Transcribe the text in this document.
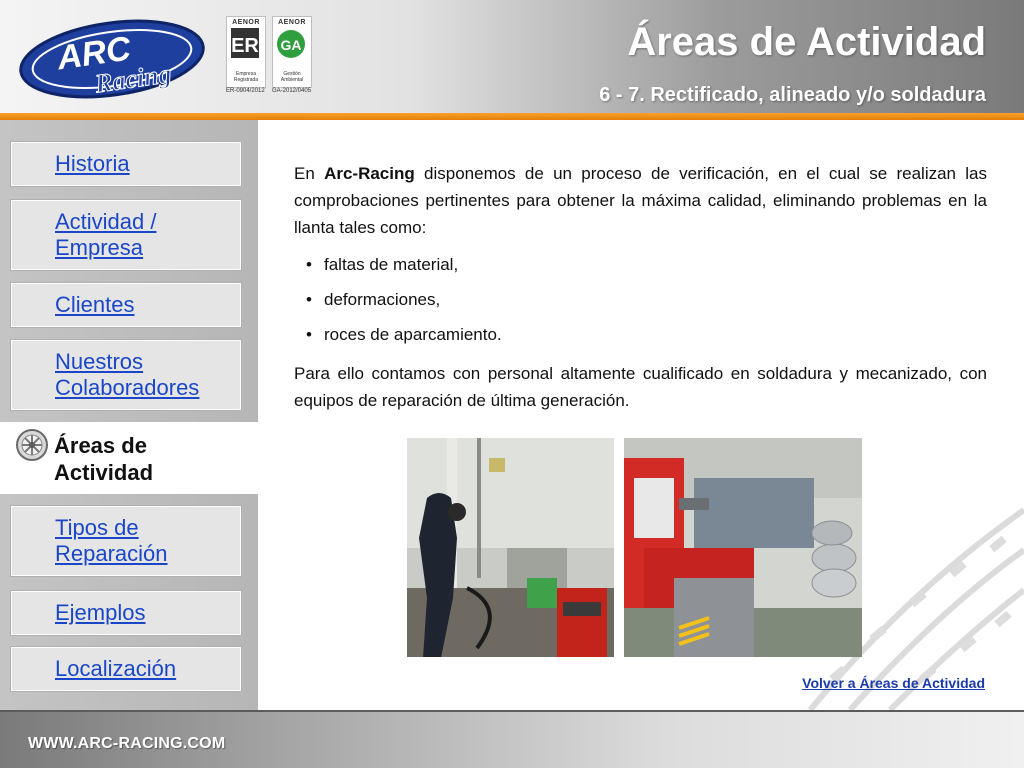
ARC
Racing
AENOR
ER
Empresa Registrada
ER-0904/2012
AENOR
GA
Gestión Ambiental
GA-2012/0405
Áreas de Actividad
6 - 7. Rectificado, alineado y/o soldadura
Historia
Actividad / Empresa
Clientes
Nuestros Colaboradores
Áreas de Actividad
Tipos de Reparación
Ejemplos
Localización

En Arc-Racing disponemos de un proceso de verificación, en el cual se realizan las comprobaciones pertinentes para obtener la máxima calidad, eliminando problemas en la llanta tales como:

• faltas de material,
• deformaciones,
• roces de aparcamiento.

Para ello contamos con personal altamente cualificado en soldadura y mecanizado, con equipos de reparación de última generación.

Volver a Áreas de Actividad
WWW.ARC-RACING.COM
